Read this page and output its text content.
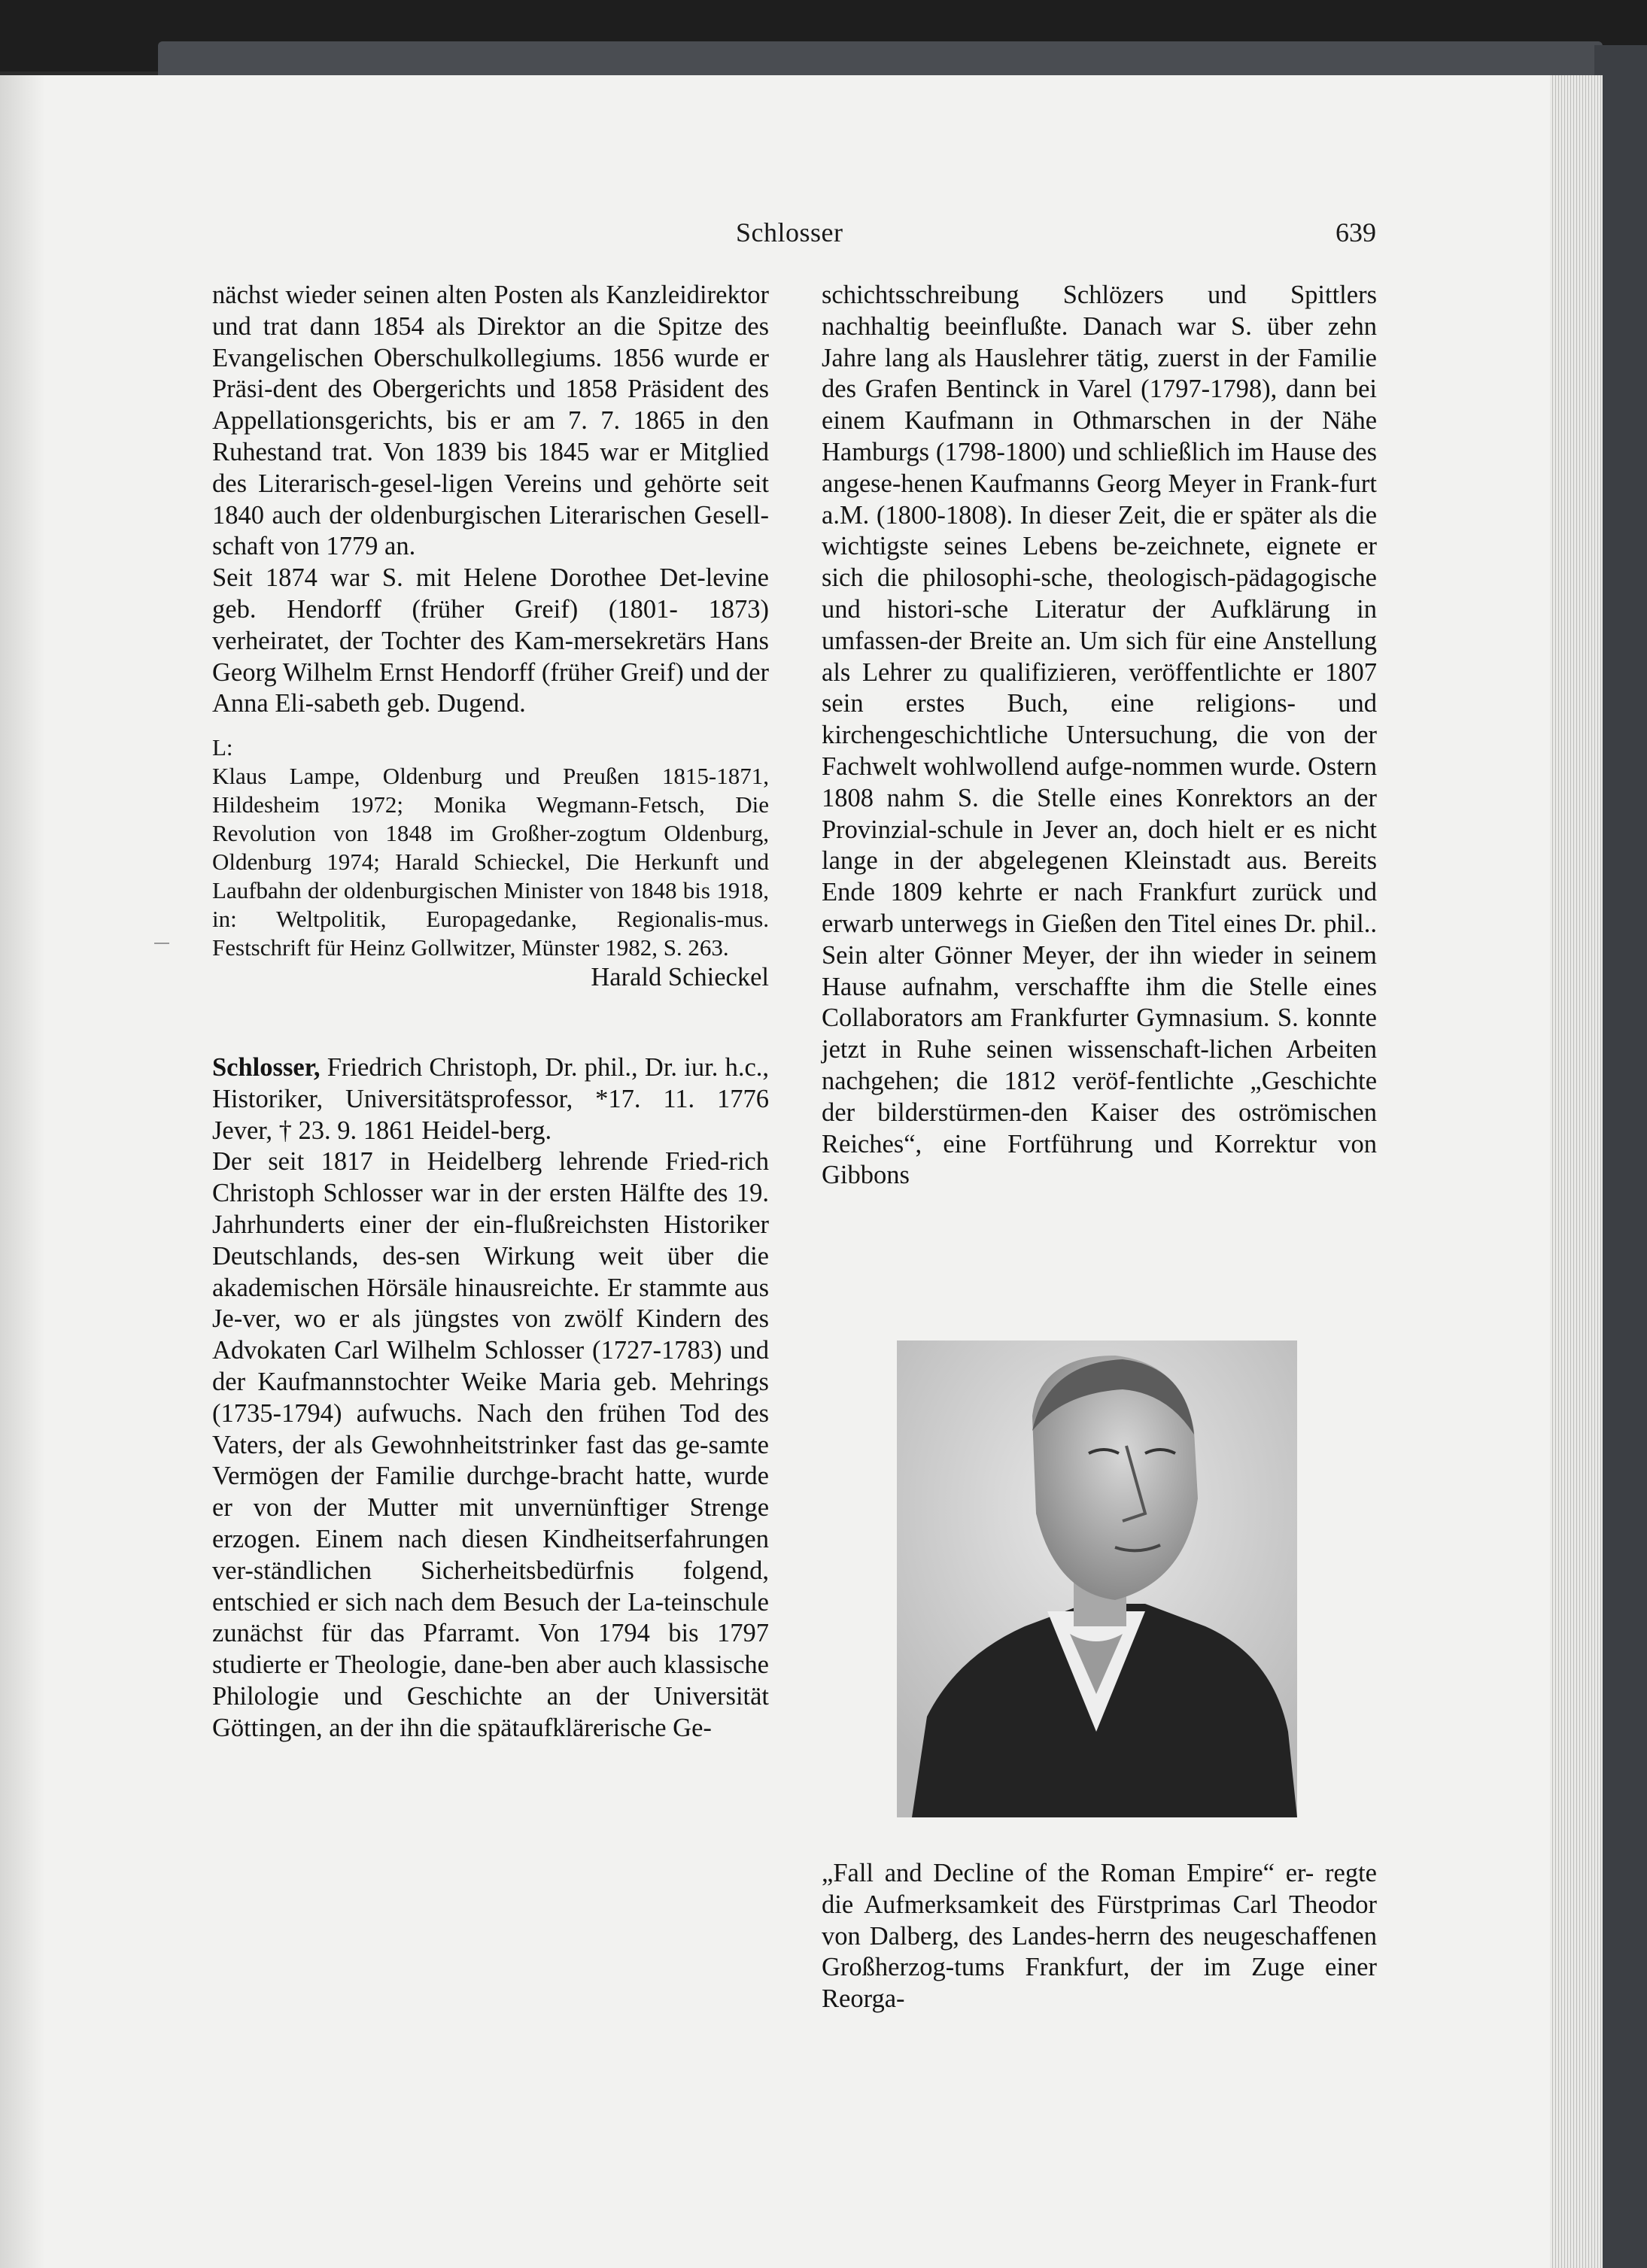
Schlosser	639

nächst wieder seinen alten Posten als Kanzleidirektor und trat dann 1854 als Direktor an die Spitze des Evangelischen Oberschulkollegiums. 1856 wurde er Präsi-dent des Obergerichts und 1858 Präsident des Appellationsgerichts, bis er am 7. 7. 1865 in den Ruhestand trat. Von 1839 bis 1845 war er Mitglied des Literarisch-gesel-ligen Vereins und gehörte seit 1840 auch der oldenburgischen Literarischen Gesell-schaft von 1779 an.

Seit 1874 war S. mit Helene Dorothee Det-levine geb. Hendorff (früher Greif) (1801- 1873) verheiratet, der Tochter des Kam-mersekretärs Hans Georg Wilhelm Ernst Hendorff (früher Greif) und der Anna Eli-sabeth geb. Dugend.

L:

Klaus Lampe, Oldenburg und Preußen 1815-1871, Hildesheim 1972; Monika Wegmann-Fetsch, Die Revolution von 1848 im Großher-zogtum Oldenburg, Oldenburg 1974; Harald Schieckel, Die Herkunft und Laufbahn der oldenburgischen Minister von 1848 bis 1918, in: Weltpolitik, Europagedanke, Regionalis-mus. Festschrift für Heinz Gollwitzer, Münster 1982, S. 263.

Harald Schieckel

Schlosser, Friedrich Christoph, Dr. phil., Dr. iur. h.c., Historiker, Universitätsprofessor, *17. 11. 1776 Jever, † 23. 9. 1861 Heidel-berg.

Der seit 1817 in Heidelberg lehrende Fried-rich Christoph Schlosser war in der ersten Hälfte des 19. Jahrhunderts einer der ein-flußreichsten Historiker Deutschlands, des-sen Wirkung weit über die akademischen Hörsäle hinausreichte. Er stammte aus Je-ver, wo er als jüngstes von zwölf Kindern des Advokaten Carl Wilhelm Schlosser (1727-1783) und der Kaufmannstochter Weike Maria geb. Mehrings (1735-1794) aufwuchs. Nach den frühen Tod des Vaters, der als Gewohnheitstrinker fast das ge-samte Vermögen der Familie durchge-bracht hatte, wurde er von der Mutter mit unvernünftiger Strenge erzogen. Einem nach diesen Kindheitserfahrungen ver-ständlichen Sicherheitsbedürfnis folgend, entschied er sich nach dem Besuch der La-teinschule zunächst für das Pfarramt. Von 1794 bis 1797 studierte er Theologie, dane-ben aber auch klassische Philologie und Geschichte an der Universität Göttingen, an der ihn die spätaufklärerische Ge-

schichtsschreibung Schlözers und Spittlers nachhaltig beeinflußte. Danach war S. über zehn Jahre lang als Hauslehrer tätig, zuerst in der Familie des Grafen Bentinck in Varel (1797-1798), dann bei einem Kaufmann in Othmarschen in der Nähe Hamburgs (1798-1800) und schließlich im Hause des angese-henen Kaufmanns Georg Meyer in Frank-furt a.M. (1800-1808). In dieser Zeit, die er später als die wichtigste seines Lebens be-zeichnete, eignete er sich die philosophi-sche, theologisch-pädagogische und histori-sche Literatur der Aufklärung in umfassen-der Breite an. Um sich für eine Anstellung als Lehrer zu qualifizieren, veröffentlichte er 1807 sein erstes Buch, eine religions- und kirchengeschichtliche Untersuchung, die von der Fachwelt wohlwollend aufge-nommen wurde. Ostern 1808 nahm S. die Stelle eines Konrektors an der Provinzial-schule in Jever an, doch hielt er es nicht lange in der abgelegenen Kleinstadt aus. Bereits Ende 1809 kehrte er nach Frankfurt zurück und erwarb unterwegs in Gießen den Titel eines Dr. phil.. Sein alter Gönner Meyer, der ihn wieder in seinem Hause aufnahm, verschaffte ihm die Stelle eines Collaborators am Frankfurter Gymnasium. S. konnte jetzt in Ruhe seinen wissenschaft-lichen Arbeiten nachgehen; die 1812 veröf-fentlichte „Geschichte der bilderstürmen-den Kaiser des oströmischen Reiches“, eine Fortführung und Korrektur von Gibbons

„Fall and Decline of the Roman Empire“ er- regte die Aufmerksamkeit des Fürstprimas Carl Theodor von Dalberg, des Landes-herrn des neugeschaffenen Großherzog-tums Frankfurt, der im Zuge einer Reorga-
